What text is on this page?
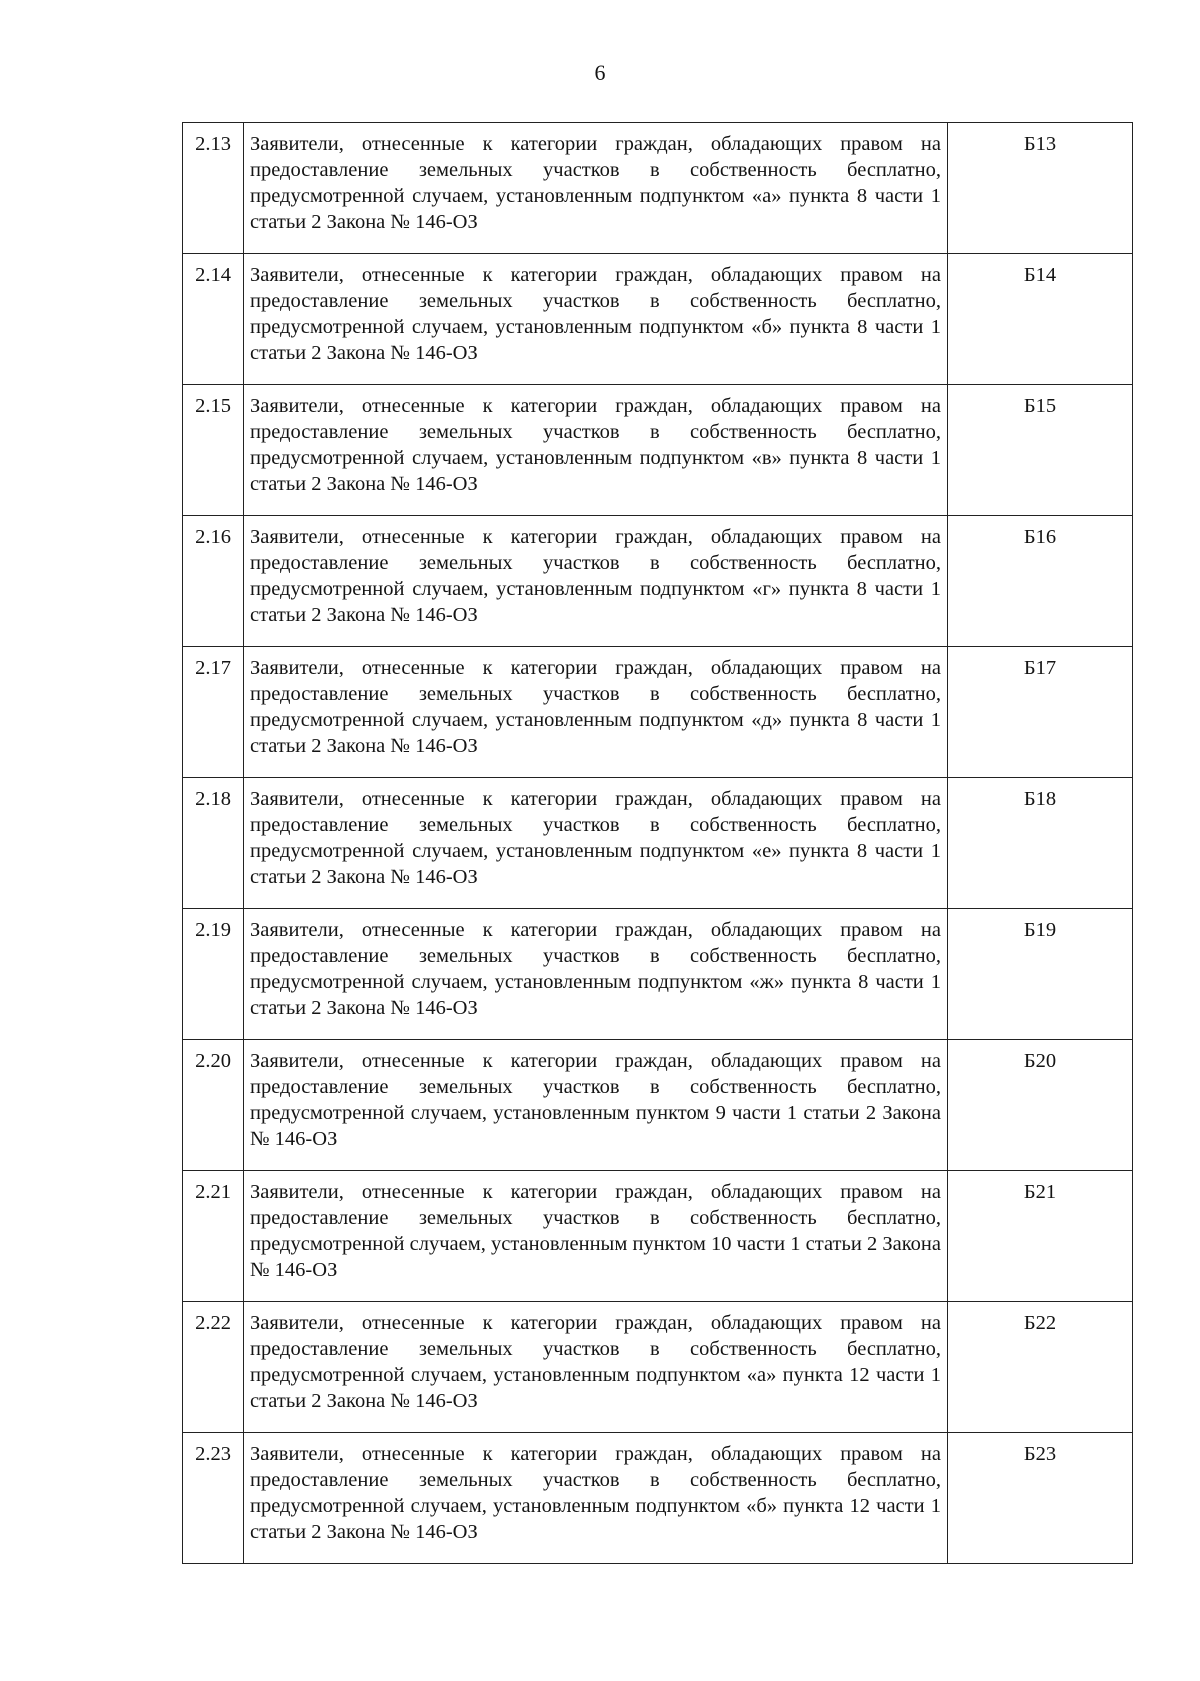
6
2.13	Заявители, отнесенные к категории граждан, обладающих правом на предоставление земельных участков в собственность бесплатно, предусмотренной случаем, установленным подпунктом «а» пункта 8 части 1 статьи 2 Закона № 146-ОЗ	Б13
2.14	Заявители, отнесенные к категории граждан, обладающих правом на предоставление земельных участков в собственность бесплатно, предусмотренной случаем, установленным подпунктом «б» пункта 8 части 1 статьи 2 Закона № 146-ОЗ	Б14
2.15	Заявители, отнесенные к категории граждан, обладающих правом на предоставление земельных участков в собственность бесплатно, предусмотренной случаем, установленным подпунктом «в» пункта 8 части 1 статьи 2 Закона № 146-ОЗ	Б15
2.16	Заявители, отнесенные к категории граждан, обладающих правом на предоставление земельных участков в собственность бесплатно, предусмотренной случаем, установленным подпунктом «г» пункта 8 части 1 статьи 2 Закона № 146-ОЗ	Б16
2.17	Заявители, отнесенные к категории граждан, обладающих правом на предоставление земельных участков в собственность бесплатно, предусмотренной случаем, установленным подпунктом «д» пункта 8 части 1 статьи 2 Закона № 146-ОЗ	Б17
2.18	Заявители, отнесенные к категории граждан, обладающих правом на предоставление земельных участков в собственность бесплатно, предусмотренной случаем, установленным подпунктом «е» пункта 8 части 1 статьи 2 Закона № 146-ОЗ	Б18
2.19	Заявители, отнесенные к категории граждан, обладающих правом на предоставление земельных участков в собственность бесплатно, предусмотренной случаем, установленным подпунктом «ж» пункта 8 части 1 статьи 2 Закона № 146-ОЗ	Б19
2.20	Заявители, отнесенные к категории граждан, обладающих правом на предоставление земельных участков в собственность бесплатно, предусмотренной случаем, установленным пунктом 9 части 1 статьи 2 Закона № 146-ОЗ	Б20
2.21	Заявители, отнесенные к категории граждан, обладающих правом на предоставление земельных участков в собственность бесплатно, предусмотренной случаем, установленным пунктом 10 части 1 статьи 2 Закона № 146-ОЗ	Б21
2.22	Заявители, отнесенные к категории граждан, обладающих правом на предоставление земельных участков в собственность бесплатно, предусмотренной случаем, установленным подпунктом «а» пункта 12 части 1 статьи 2 Закона № 146-ОЗ	Б22
2.23	Заявители, отнесенные к категории граждан, обладающих правом на предоставление земельных участков в собственность бесплатно, предусмотренной случаем, установленным подпунктом «б» пункта 12 части 1 статьи 2 Закона № 146-ОЗ	Б23
